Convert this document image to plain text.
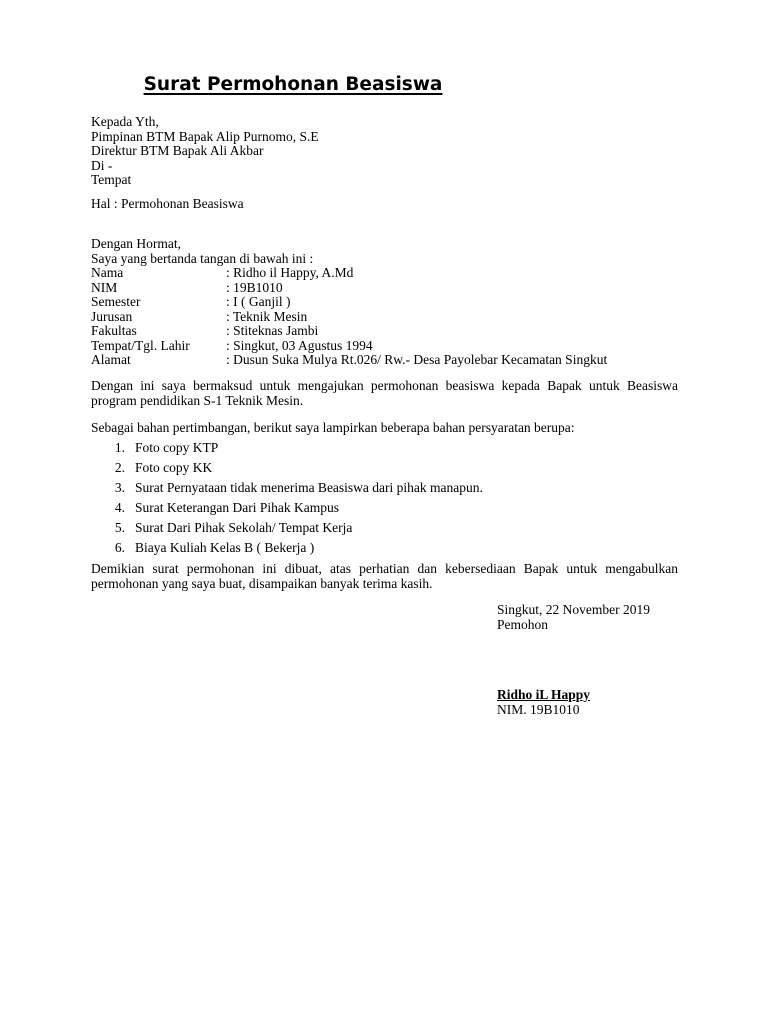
Surat Permohonan Beasiswa
Kepada Yth,
Pimpinan BTM Bapak Alip Purnomo, S.E
Direktur BTM Bapak Ali Akbar
Di -
Tempat
Hal : Permohonan Beasiswa
Dengan Hormat,
Saya yang bertanda tangan di bawah ini :
Nama	: Ridho il Happy, A.Md
NIM	: 19B1010
Semester	: I ( Ganjil )
Jurusan	: Teknik Mesin
Fakultas	: Stiteknas Jambi
Tempat/Tgl. Lahir	: Singkut, 03 Agustus 1994
Alamat	: Dusun Suka Mulya Rt.026/ Rw.- Desa Payolebar Kecamatan Singkut
Dengan ini saya bermaksud untuk mengajukan permohonan beasiswa kepada Bapak untuk Beasiswa program pendidikan S-1 Teknik Mesin.
Sebagai bahan pertimbangan, berikut saya lampirkan beberapa bahan persyaratan berupa:
1. Foto copy KTP
2. Foto copy KK
3. Surat Pernyataan tidak menerima Beasiswa dari pihak manapun.
4. Surat Keterangan Dari Pihak Kampus
5. Surat Dari Pihak Sekolah/ Tempat Kerja
6. Biaya Kuliah Kelas B ( Bekerja )
Demikian surat permohonan ini dibuat, atas perhatian dan kebersediaan Bapak untuk mengabulkan permohonan yang saya buat, disampaikan banyak terima kasih.
Singkut, 22 November 2019
Pemohon
Ridho iL Happy
NIM. 19B1010
